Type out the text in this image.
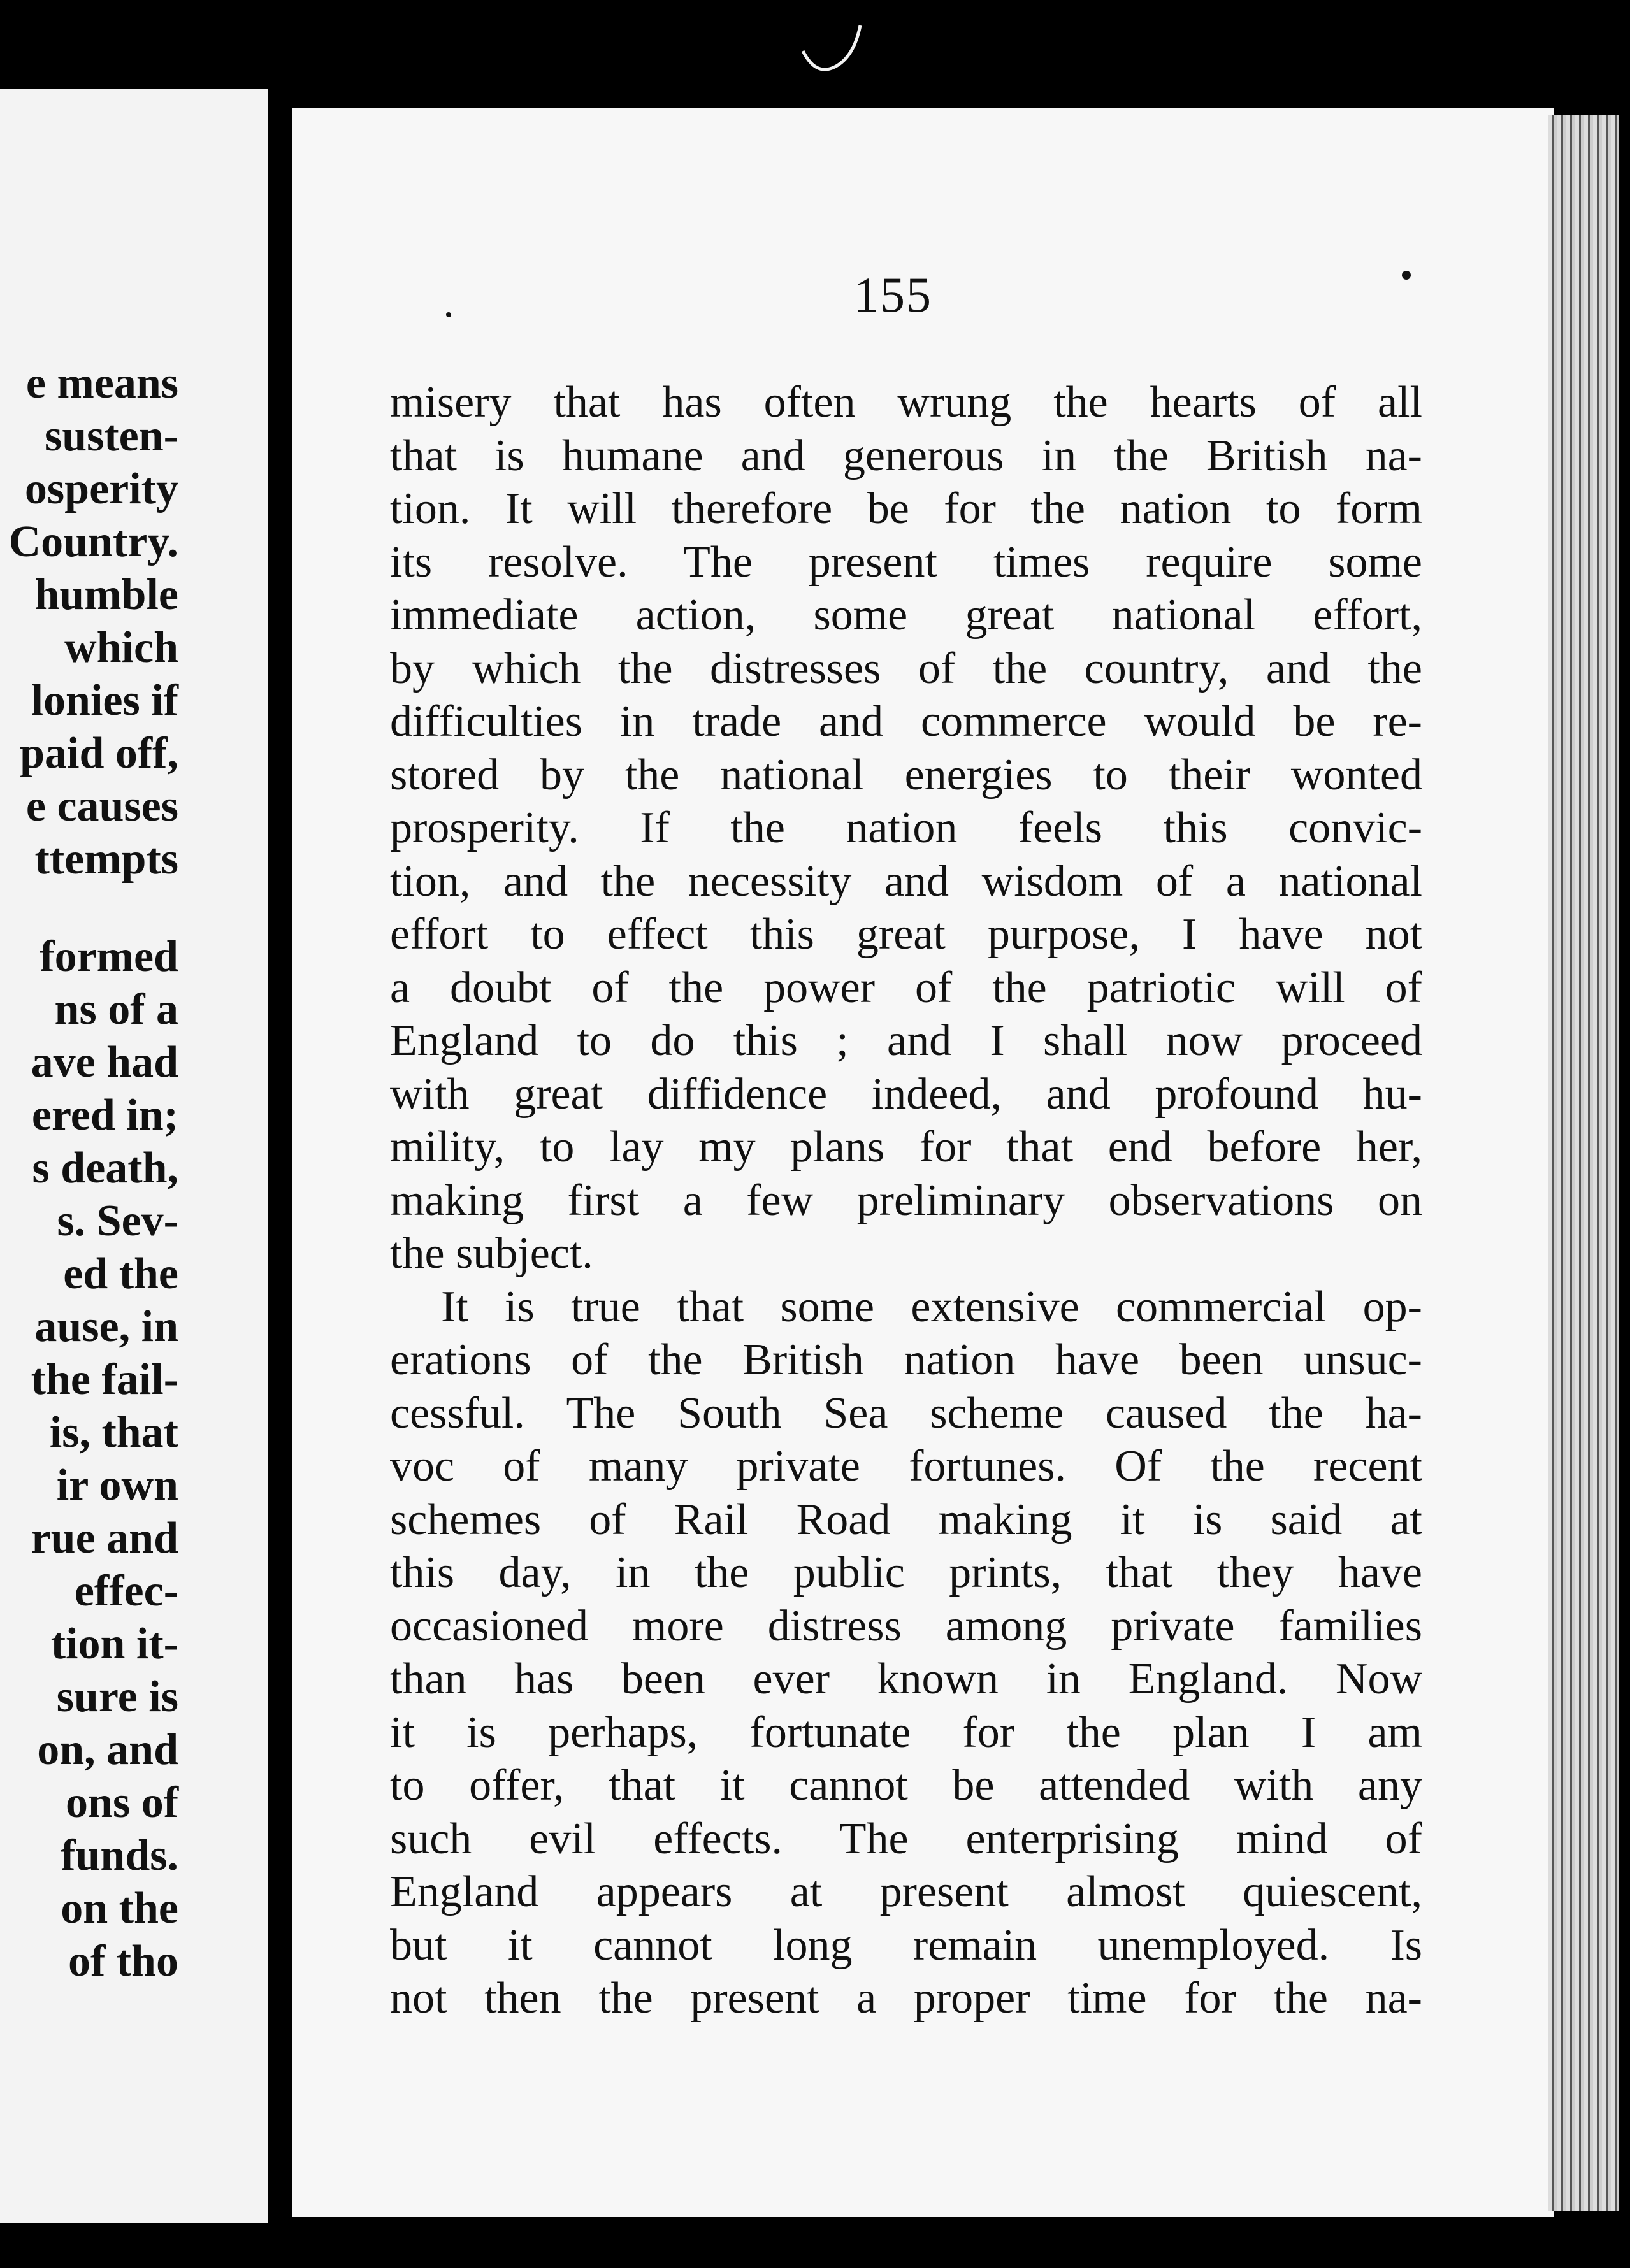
e means
susten-
osperity
Country.
humble
which
lonies if
paid off,
e causes
ttempts
formed
ns of a
ave had
ered in;
s death,
s. Sev-
ed the
ause, in
the fail-
is, that
ir own
rue and
effec-
tion it-
sure is
on, and
ons of
funds.
on the
of tho
155
misery that has often wrung the hearts of all
that is humane and generous in the British na-
tion. It will therefore be for the nation to form
its resolve. The present times require some
immediate action, some great national effort,
by which the distresses of the country, and the
difficulties in trade and commerce would be re-
stored by the national energies to their wonted
prosperity. If the nation feels this convic-
tion, and the necessity and wisdom of a national
effort to effect this great purpose, I have not
a doubt of the power of the patriotic will of
England to do this ; and I shall now proceed
with great diffidence indeed, and profound hu-
mility, to lay my plans for that end before her,
making first a few preliminary observations on
the subject.
It is true that some extensive commercial op-
erations of the British nation have been unsuc-
cessful. The South Sea scheme caused the ha-
voc of many private fortunes. Of the recent
schemes of Rail Road making it is said at
this day, in the public prints, that they have
occasioned more distress among private families
than has been ever known in England. Now
it is perhaps, fortunate for the plan I am
to offer, that it cannot be attended with any
such evil effects. The enterprising mind of
England appears at present almost quiescent,
but it cannot long remain unemployed. Is
not then the present a proper time for the na-
